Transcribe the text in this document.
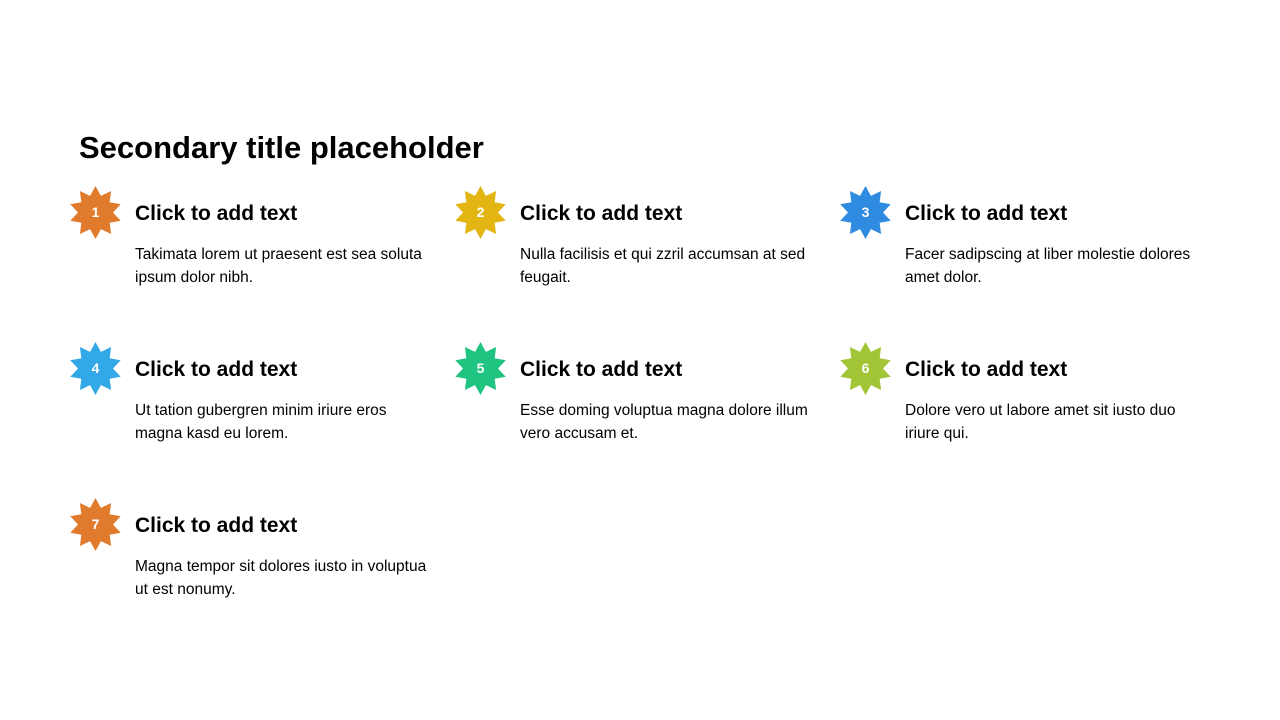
Secondary title placeholder
1	Click to add text
Takimata lorem ut praesent est sea soluta ipsum dolor nibh.
2	Click to add text
Nulla facilisis et qui zzril accumsan at sed feugait.
3	Click to add text
Facer sadipscing at liber molestie dolores amet dolor.
4	Click to add text
Ut tation gubergren minim iriure eros magna kasd eu lorem.
5	Click to add text
Esse doming voluptua magna dolore illum vero accusam et.
6	Click to add text
Dolore vero ut labore amet sit iusto duo iriure qui.
7	Click to add text
Magna tempor sit dolores iusto in voluptua ut est nonumy.
